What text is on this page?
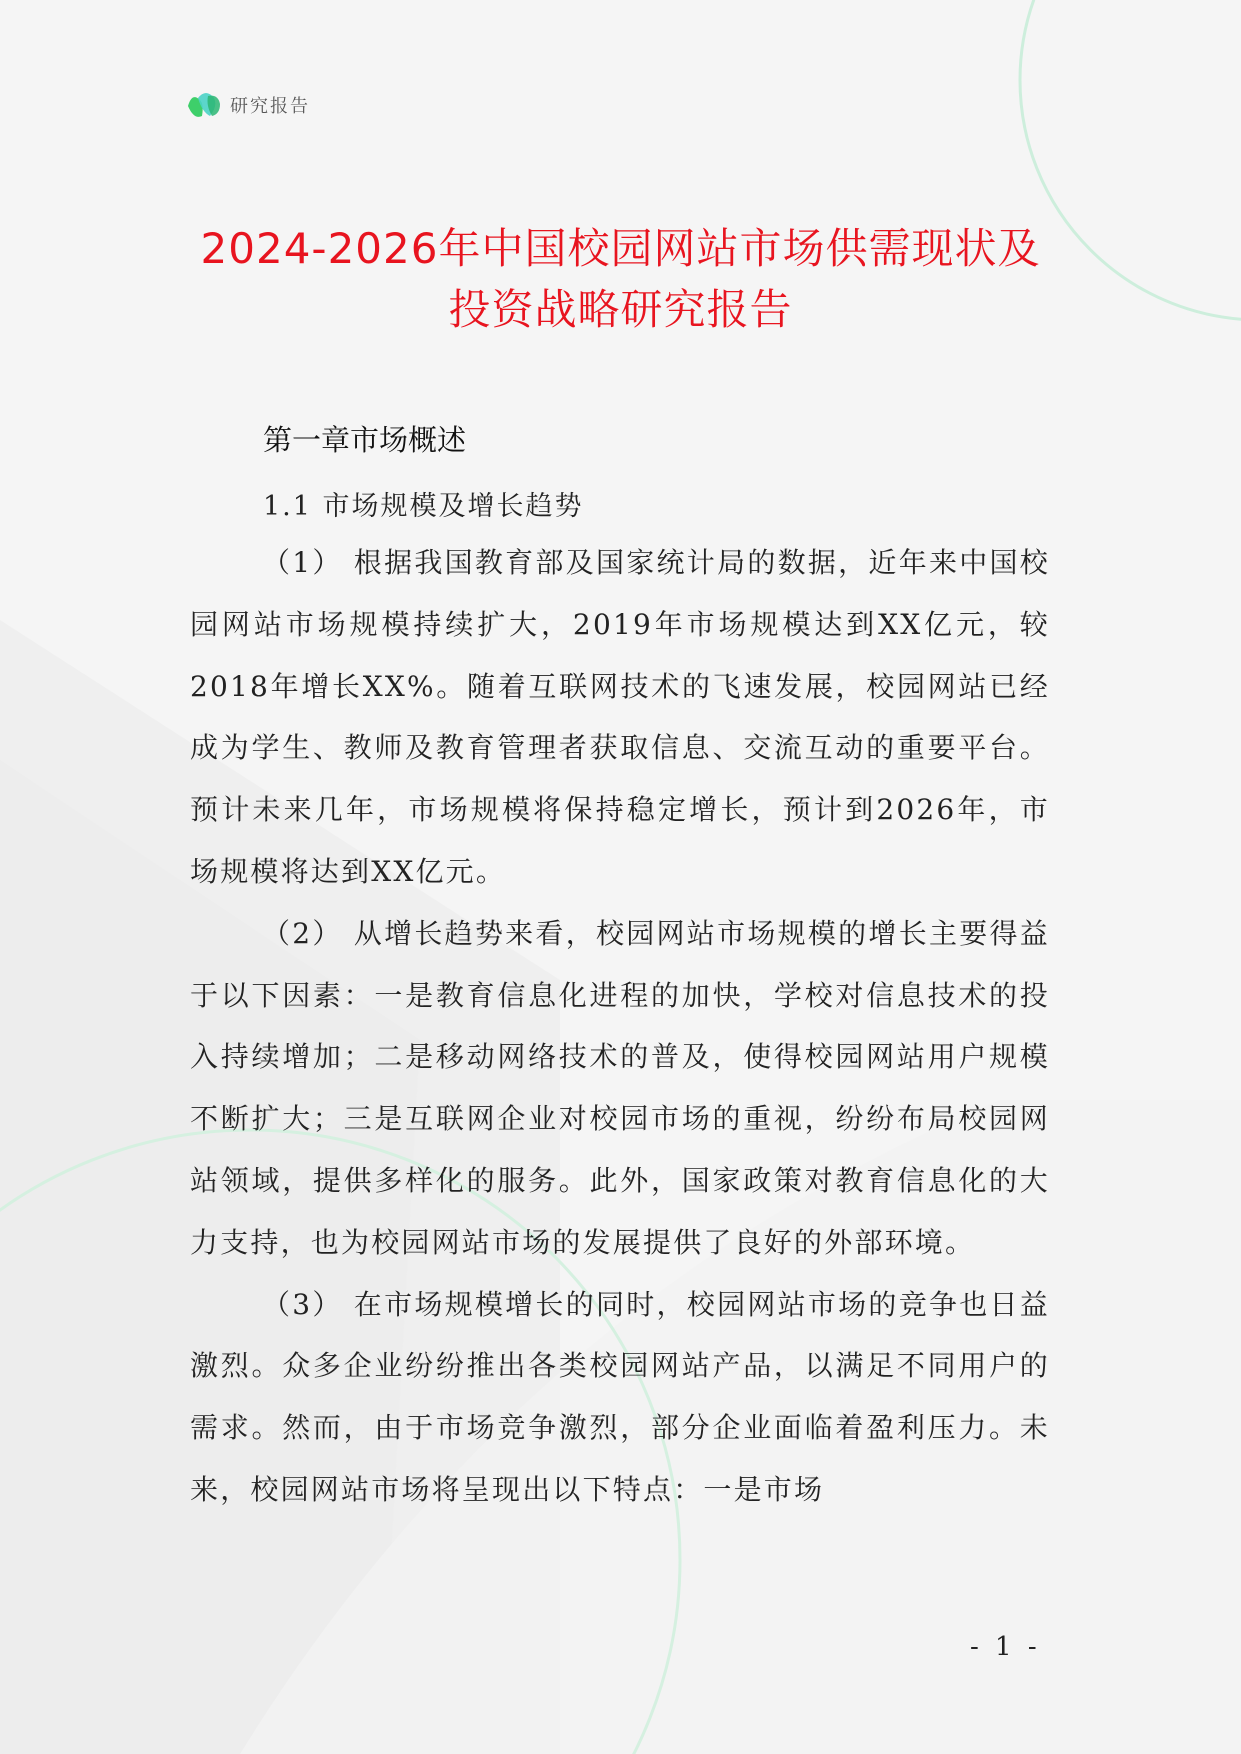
研究报告
2024-2026年中国校园网站市场供需现状及
投资战略研究报告
第一章市场概述
1.1 市场规模及增长趋势

（1） 根据我国教育部及国家统计局的数据，近年来中国校园网站市场规模持续扩大，2019年市场规模达到XX亿元，较2018年增长XX%。随着互联网技术的飞速发展，校园网站已经成为学生、教师及教育管理者获取信息、交流互动的重要平台。预计未来几年，市场规模将保持稳定增长，预计到2026年，市场规模将达到XX亿元。

（2） 从增长趋势来看，校园网站市场规模的增长主要得益于以下因素：一是教育信息化进程的加快，学校对信息技术的投入持续增加；二是移动网络技术的普及，使得校园网站用户规模不断扩大；三是互联网企业对校园市场的重视，纷纷布局校园网站领域，提供多样化的服务。此外，国家政策对教育信息化的大力支持，也为校园网站市场的发展提供了良好的外部环境。

（3） 在市场规模增长的同时，校园网站市场的竞争也日益激烈。众多企业纷纷推出各类校园网站产品，以满足不同用户的需求。然而，由于市场竞争激烈，部分企业面临着盈利压力。未来，校园网站市场将呈现出以下特点：一是市场

- 1 -
